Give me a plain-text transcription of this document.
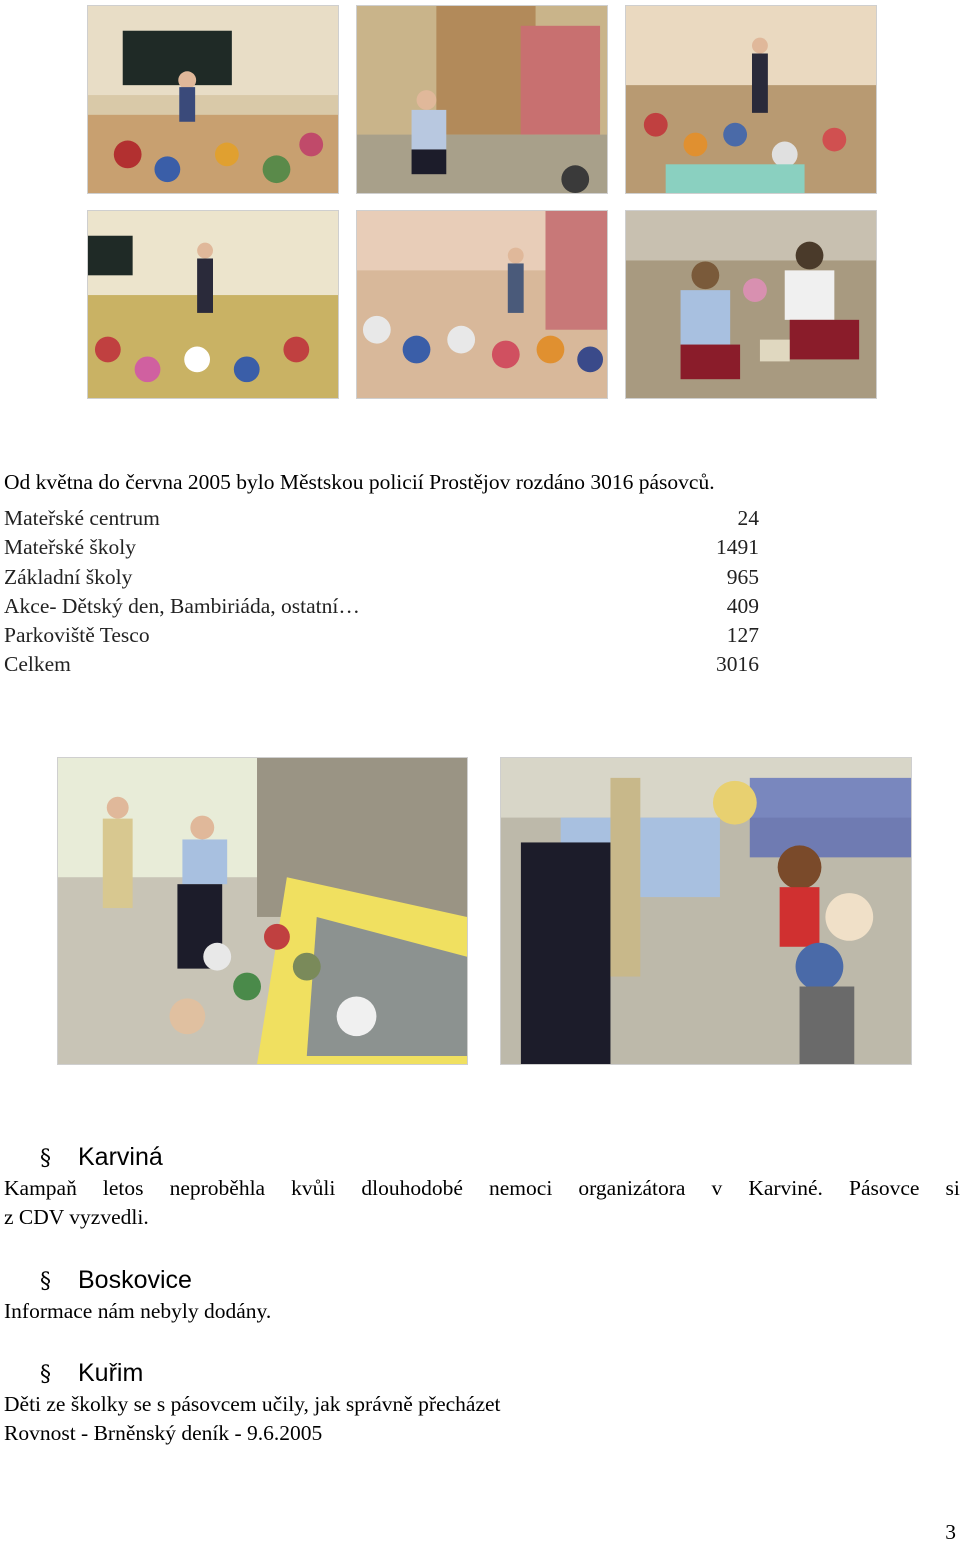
Od května do června 2005 bylo Městskou policií Prostějov rozdáno 3016 pásovců.
Mateřské centrum	24
Mateřské školy	1491
Základní školy	965
Akce- Dětský den, Bambiriáda, ostatní…	409
Parkoviště Tesco	127
Celkem	3016
§ Karviná
Kampaň letos neproběhla kvůli dlouhodobé nemoci organizátora v Karviné. Pásovce si
z CDV vyzvedli.
§ Boskovice
Informace nám nebyly dodány.
§ Kuřim
Děti ze školky se s pásovcem učily, jak správně přecházet
Rovnost - Brněnský deník - 9.6.2005
3
